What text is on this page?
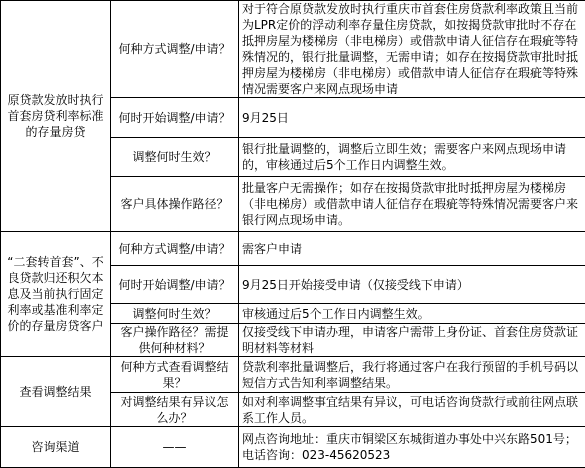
原贷款发放时执行首套房贷利率标准的存量房贷	何种方式调整/申请？	对于符合原贷款发放时执行重庆市首套住房贷款利率政策且当前为LPR定价的浮动利率存量住房贷款，如按揭贷款审批时不存在抵押房屋为楼梯房（非电梯房）或借款申请人征信存在瑕疵等特殊情况的，银行批量调整，无需申请；如存在按揭贷款审批时抵押房屋为楼梯房（非电梯房）或借款申请人征信存在瑕疵等特殊情况需要客户来网点现场申请
	何时开始调整/申请？	9月25日
	调整何时生效？	银行批量调整的，调整后立即生效；需要客户来网点现场申请的，审核通过后5个工作日内调整生效。
	客户具体操作路径？	批量客户无需操作；如存在按揭贷款审批时抵押房屋为楼梯房（非电梯房）或借款申请人征信存在瑕疵等特殊情况需要客户来银行网点现场申请。
“二套转首套”、不良贷款归还积欠本息及当前执行固定利率或基准利率定价的存量房贷客户	何种方式调整/申请？	需客户申请
	何时开始调整/申请？	9月25日开始接受申请（仅接受线下申请）
	调整何时生效？	审核通过后5个工作日内调整生效。
	客户操作路径？需提供何种材料？	仅接受线下申请办理，申请客户需带上身份证、首套住房贷款证明材料等材料
查看调整结果	何种方式查看调整结果？	贷款利率批量调整后，我行将通过客户在我行预留的手机号码以短信方式告知利率调整结果。
	对调整结果有异议怎么办？	如对利率调整事宜结果有异议，可电话咨询贷款行或前往网点联系工作人员。
咨询渠道	——	网点咨询地址：重庆市铜梁区东城街道办事处中兴东路501号；电话咨询：023-45620523
